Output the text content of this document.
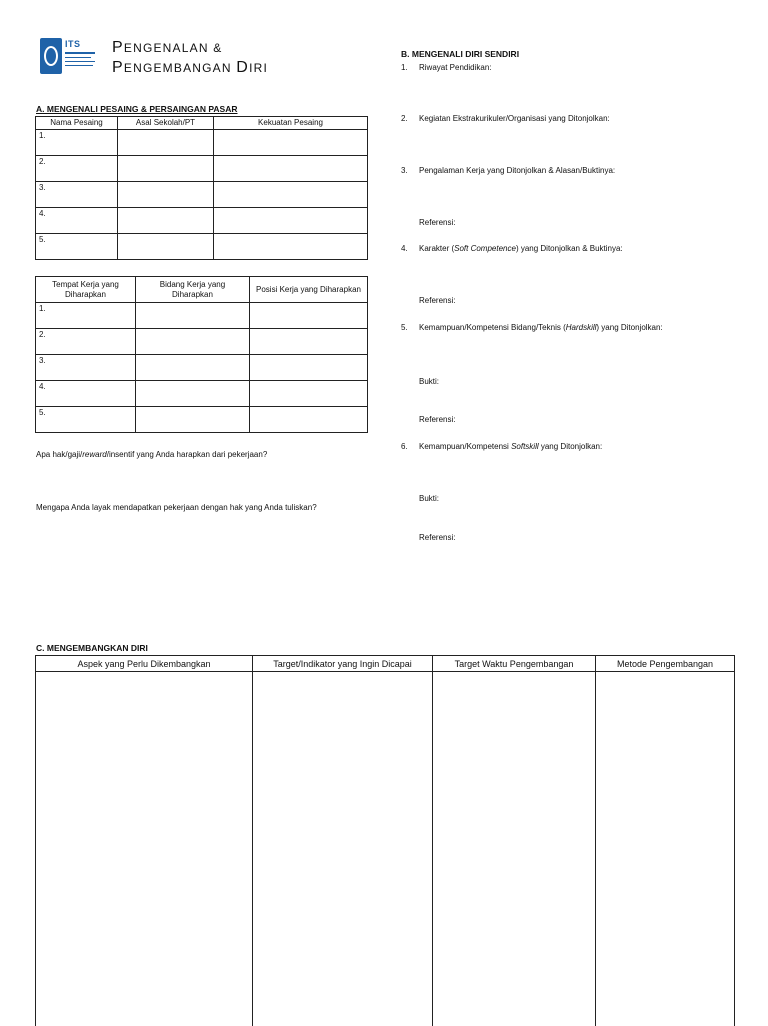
ITS PENGENALAN &
PENGEMBANGAN DIRI
A. MENGENALI PESAING & PERSAINGAN PASAR
Nama Pesaing	Asal Sekolah/PT	Kekuatan Pesaing
1.		
2.		
3.		
4.		
5.		
Tempat Kerja yang Diharapkan	Bidang Kerja yang Diharapkan	Posisi Kerja yang Diharapkan
1.		
2.		
3.		
4.		
5.		
Apa hak/gaji/reward/insentif yang Anda harapkan dari pekerjaan?
Mengapa Anda layak mendapatkan pekerjaan dengan hak yang Anda tuliskan?
B. MENGENALI DIRI SENDIRI
1. Riwayat Pendidikan:
2. Kegiatan Ekstrakurikuler/Organisasi yang Ditonjolkan:
3. Pengalaman Kerja yang Ditonjolkan & Alasan/Buktinya:
Referensi:
4. Karakter (Soft Competence) yang Ditonjolkan & Buktinya:
Referensi:
5. Kemampuan/Kompetensi Bidang/Teknis (Hardskill) yang Ditonjolkan:
Bukti:
Referensi:
6. Kemampuan/Kompetensi Softskill yang Ditonjolkan:
Bukti:
Referensi:
C. MENGEMBANGKAN DIRI
Aspek yang Perlu Dikembangkan	Target/Indikator yang Ingin Dicapai	Target Waktu Pengembangan	Metode Pengembangan
